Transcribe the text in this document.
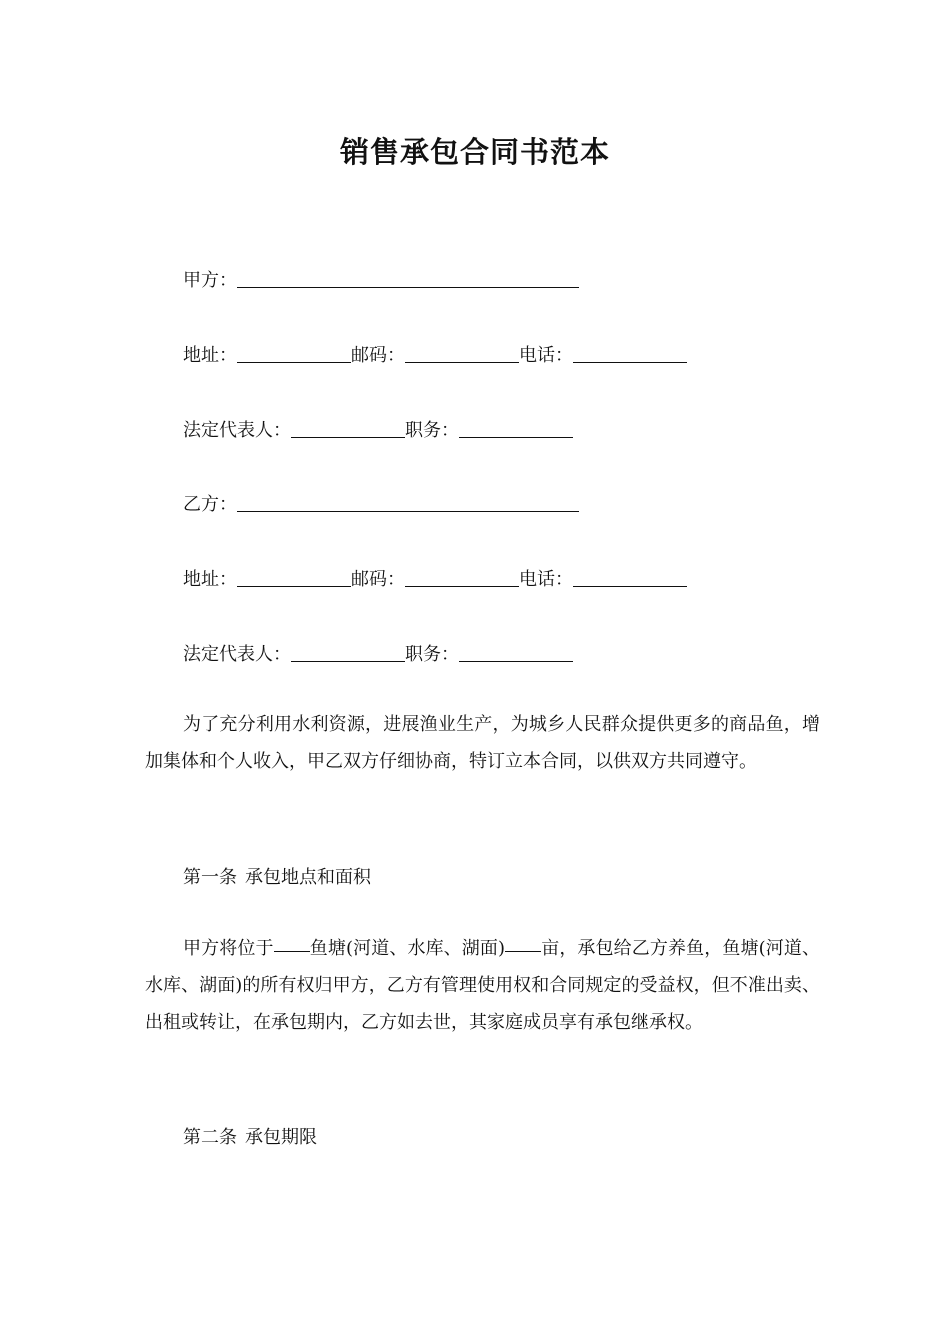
销售承包合同书范本
甲方：
地址：	邮码：	电话：
法定代表人：	职务：
乙方：
地址：	邮码：	电话：
法定代表人：	职务：
为了充分利用水利资源，进展渔业生产，为城乡人民群众提供更多的商品鱼，增加集体和个人收入，甲乙双方仔细协商，特订立本合同，以供双方共同遵守。
第一条 承包地点和面积
甲方将位于 鱼塘(河道、水库、湖面) 亩，承包给乙方养鱼，鱼塘(河道、水库、湖面)的所有权归甲方，乙方有管理使用权和合同规定的受益权，但不准出卖、出租或转让，在承包期内，乙方如去世，其家庭成员享有承包继承权。
第二条 承包期限
